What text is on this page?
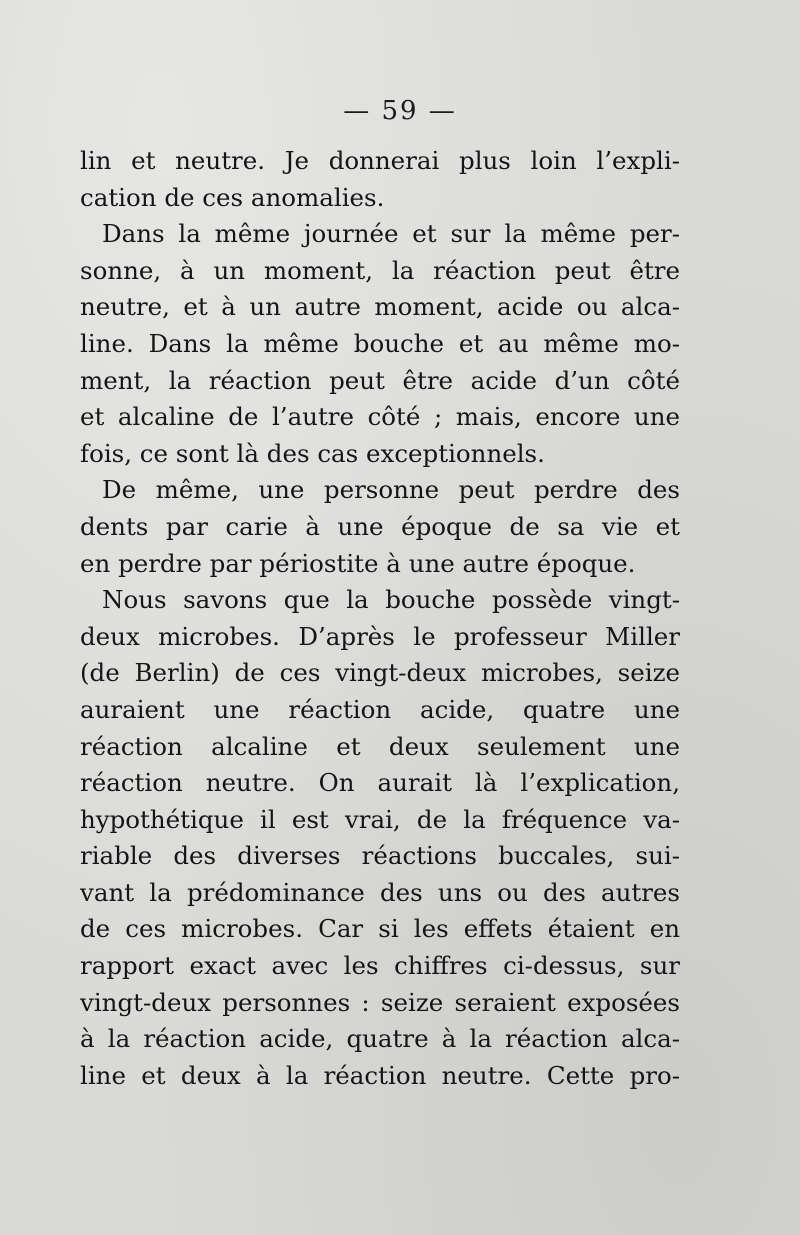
— 59 —
lin et neutre. Je donnerai plus loin l’expli-
cation de ces anomalies.
Dans la même journée et sur la même per-
sonne, à un moment, la réaction peut être
neutre, et à un autre moment, acide ou alca-
line. Dans la même bouche et au même mo-
ment, la réaction peut être acide d’un côté
et alcaline de l’autre côté ; mais, encore une
fois, ce sont là des cas exceptionnels.
De même, une personne peut perdre des
dents par carie à une époque de sa vie et
en perdre par périostite à une autre époque.
Nous savons que la bouche possède vingt-
deux microbes. D’après le professeur Miller
(de Berlin) de ces vingt-deux microbes, seize
auraient une réaction acide, quatre une
réaction alcaline et deux seulement une
réaction neutre. On aurait là l’explication,
hypothétique il est vrai, de la fréquence va-
riable des diverses réactions buccales, sui-
vant la prédominance des uns ou des autres
de ces microbes. Car si les effets étaient en
rapport exact avec les chiffres ci-dessus, sur
vingt-deux personnes : seize seraient exposées
à la réaction acide, quatre à la réaction alca-
line et deux à la réaction neutre. Cette pro-
